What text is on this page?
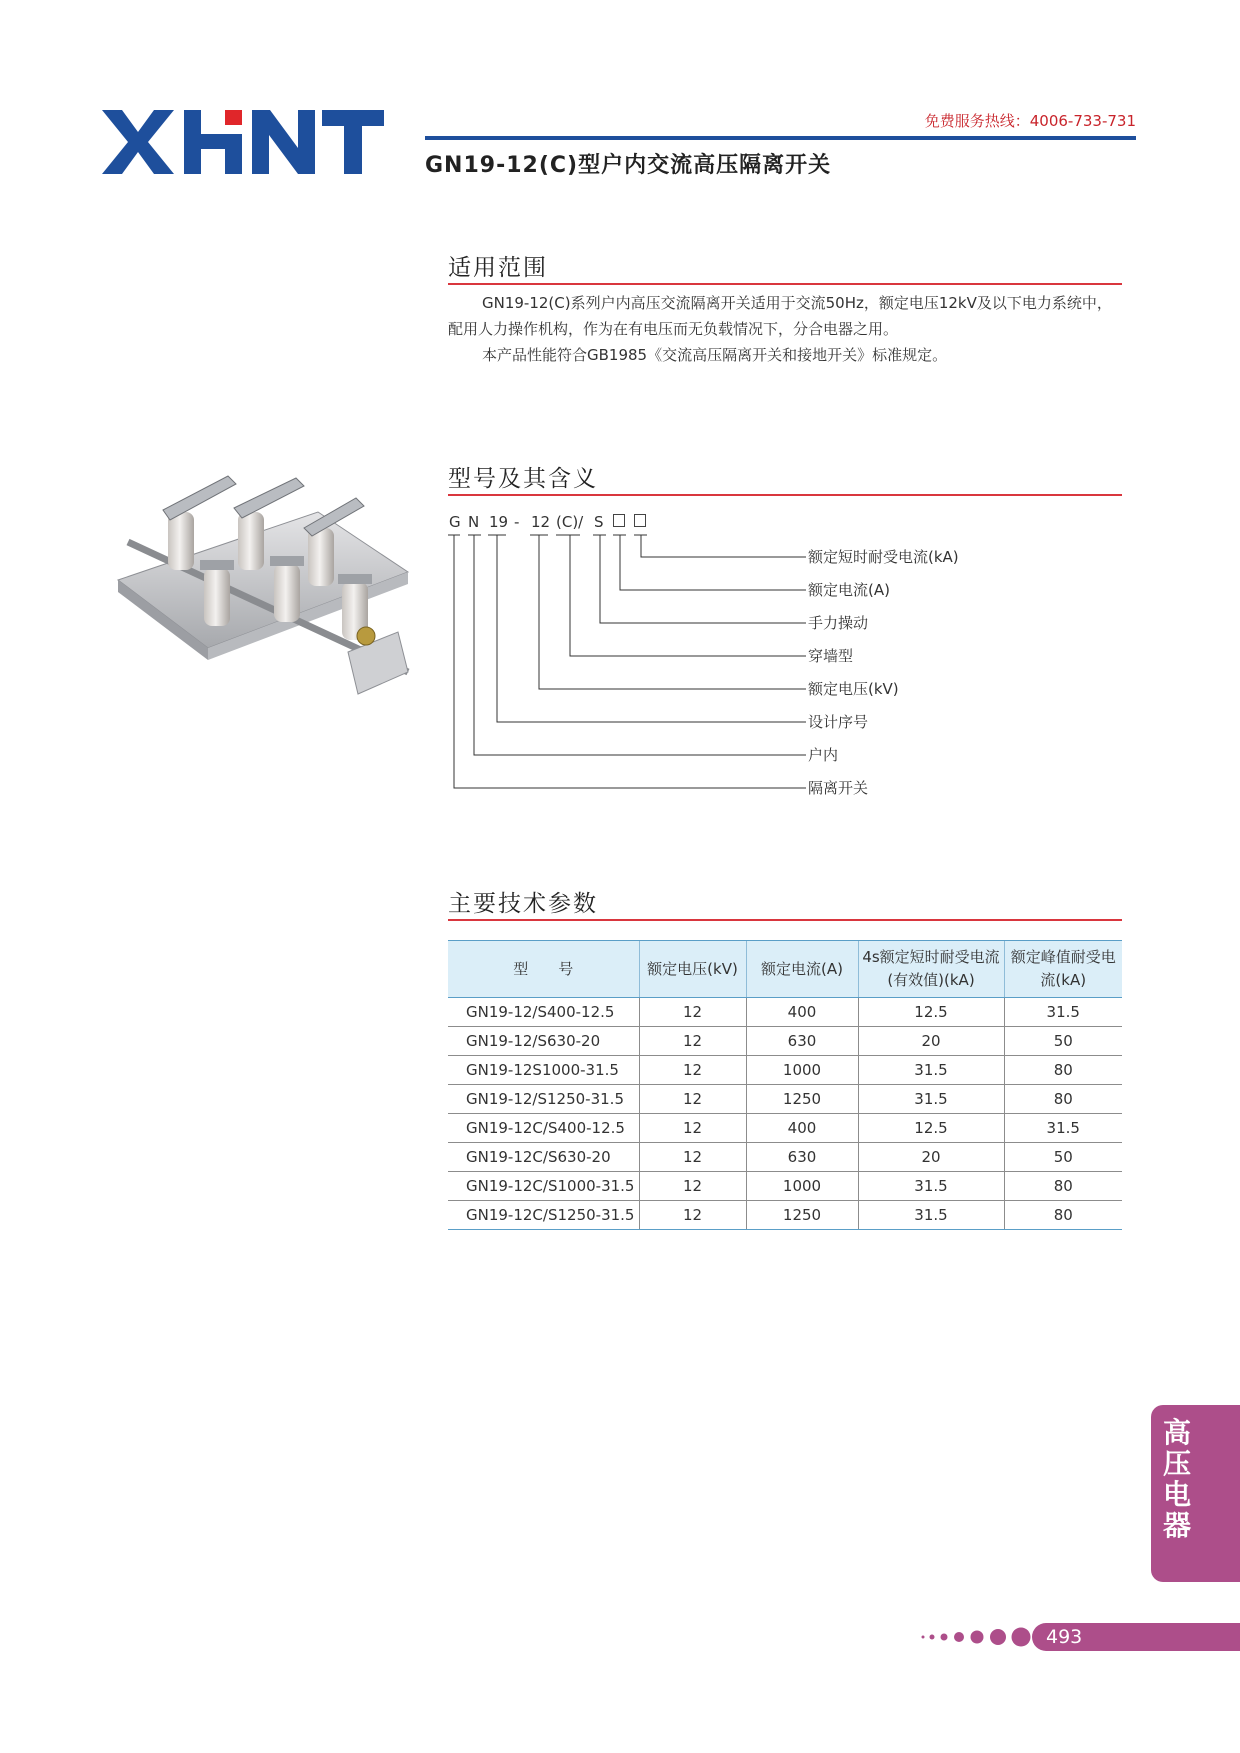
免费服务热线：4006-733-731
GN19-12(C)型户内交流高压隔离开关
适用范围

GN19-12(C)系列户内高压交流隔离开关适用于交流50Hz，额定电压12kV及以下电力系统中，配用人力操作机构，作为在有电压而无负载情况下，分合电器之用。

本产品性能符合GB1985《交流高压隔离开关和接地开关》标准规定。

型号及其含义
G N 19 - 12 (C)/ S
额定短时耐受电流(kA)
额定电流(A)
手力操动
穿墙型
额定电压(kV)
设计序号
户内
隔离开关
主要技术参数
型　　号	额定电压(kV)	额定电流(A)	4s额定短时耐受电流(有效值)(kA)	额定峰值耐受电流(kA)
GN19-12/S400-12.5	12	400	12.5	31.5
GN19-12/S630-20	12	630	20	50
GN19-12S1000-31.5	12	1000	31.5	80
GN19-12/S1250-31.5	12	1250	31.5	80
GN19-12C/S400-12.5	12	400	12.5	31.5
GN19-12C/S630-20	12	630	20	50
GN19-12C/S1000-31.5	12	1000	31.5	80
GN19-12C/S1250-31.5	12	1250	31.5	80
高压电器
493
